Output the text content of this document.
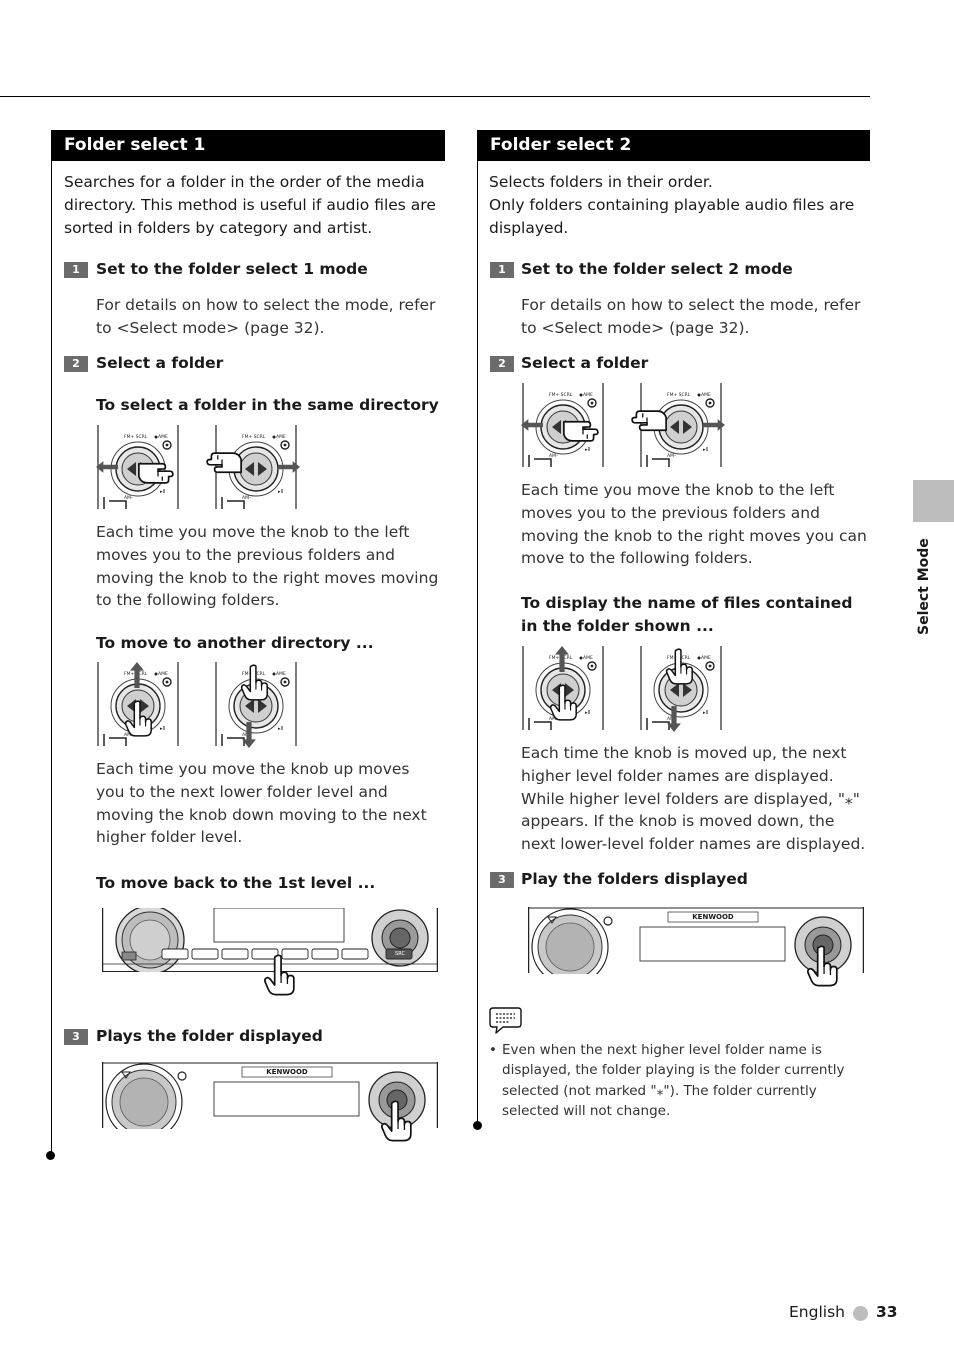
Select Mode
Folder select 1
Searches for a folder in the order of the media directory. This method is useful if audio files are sorted in folders by category and artist.
1	Set to the folder select 1 mode
For details on how to select the mode, refer to <Select mode> (page 32).
2	Select a folder
To select a folder in the same directory
Each time you move the knob to the left moves you to the previous folders and moving the knob to the right moves moving to the following folders.
To move to another directory ...
Each time you move the knob up moves you to the next lower folder level and moving the knob down moving to the next higher folder level.
To move back to the 1st level ...
SRC
3	Plays the folder displayed
KENWOOD
Folder select 2
Selects folders in their order.
Only folders containing playable audio files are displayed.
1 Set to the folder select 2 mode
For details on how to select the mode, refer to <Select mode> (page 32).
2 Select a folder
Each time you move the knob to the left moves you to the previous folders and moving the knob to the right moves you can move to the following folders.
To display the name of files contained in the folder shown ...
Each time the knob is moved up, the next higher level folder names are displayed. While higher level folders are displayed, "⁎" appears. If the knob is moved down, the next lower-level folder names are displayed.
3 Play the folders displayed
KENWOOD
• Even when the next higher level folder name is displayed, the folder playing is the folder currently selected (not marked "⁎"). The folder currently selected will not change.
English 33
